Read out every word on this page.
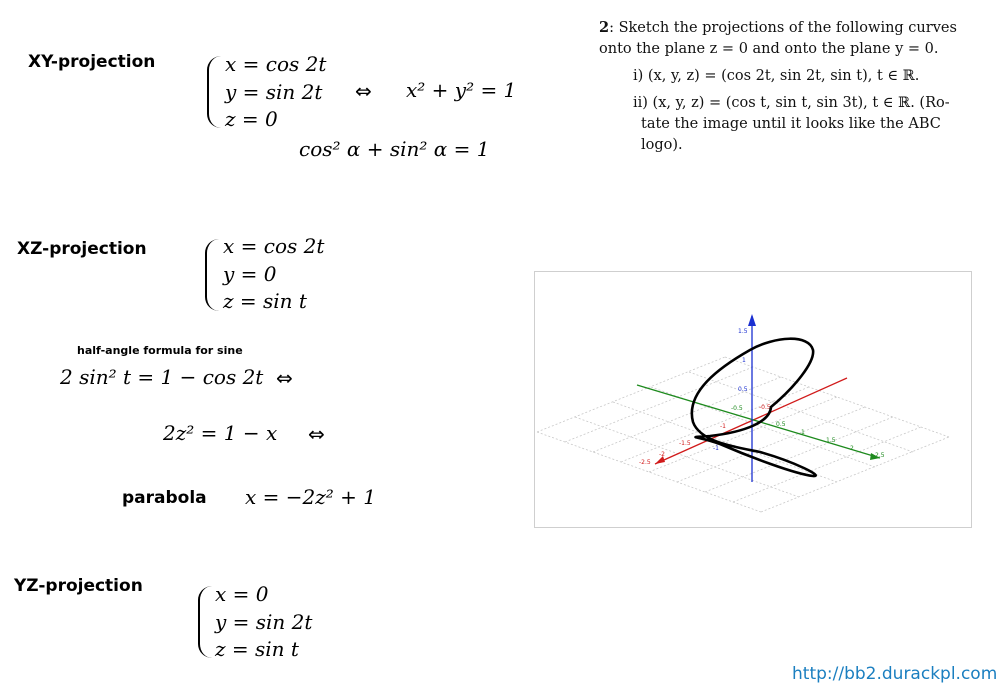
XY-projection	x = cos 2t
y = sin 2t
z = 0
⇔ x² + y² = 1
cos² α + sin² α = 1
XZ-projection	x = cos 2t
y = 0
z = sin t
half-angle formula for sine
2 sin² t = 1 − cos 2t ⇔
2z² = 1 − x ⇔
parabola x = −2z² + 1
YZ-projection	x = 0
y = sin 2t
z = sin t
2: Sketch the projections of the following curves
onto the plane z = 0 and onto the plane y = 0.
i) (x, y, z) = (cos 2t, sin 2t, sin t), t ∈ ℝ.
ii) (x, y, z) = (cos t, sin t, sin 3t), t ∈ ℝ. (Ro-
tate the image until it looks like the ABC
logo).
1.5
1
0.5
0.5
1
1.5
2
2.5
-0.5
-1
-1.5
-2
-2.5
-0.5
-1
http://bb2.durackpl.com
